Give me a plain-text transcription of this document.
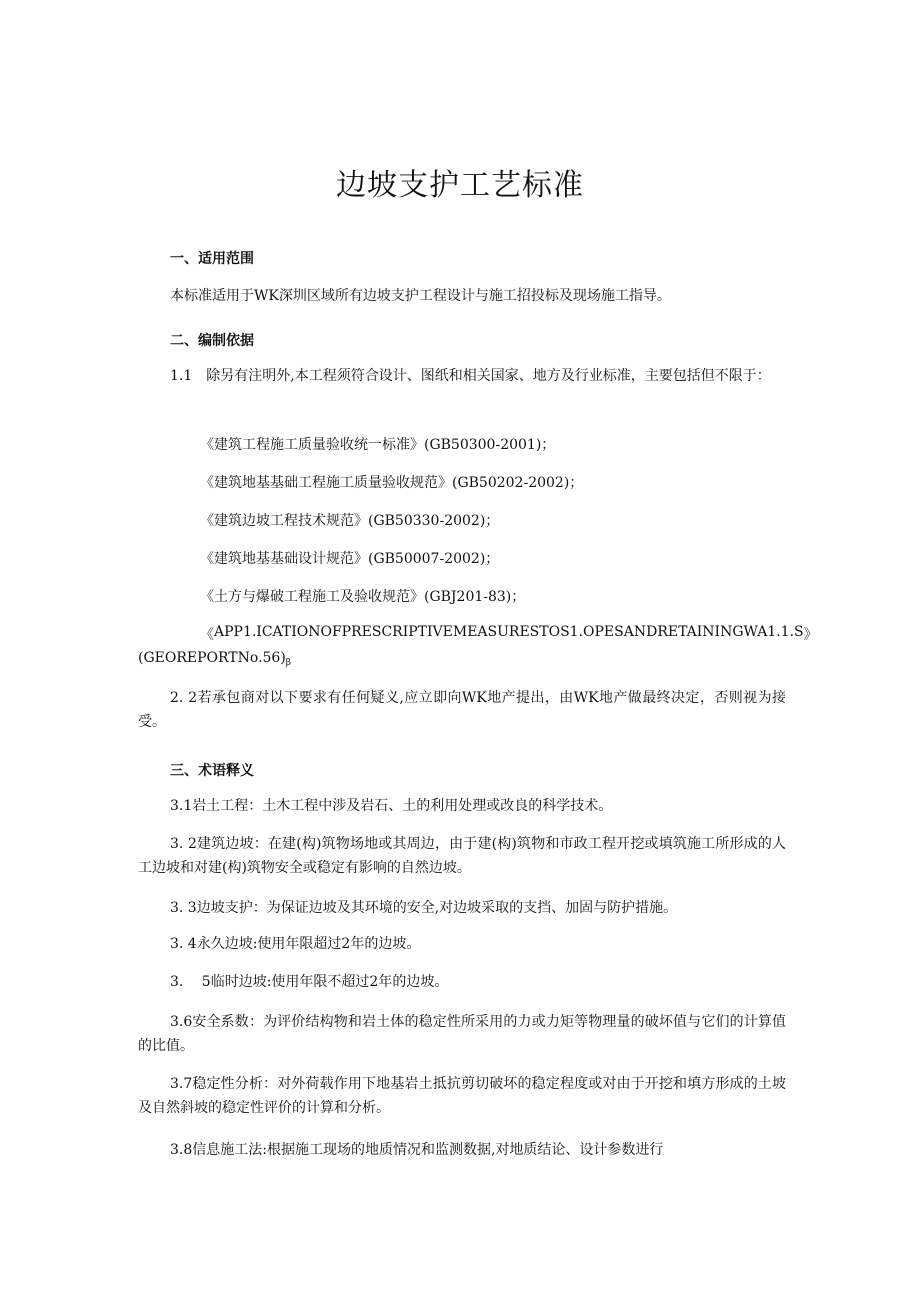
边坡支护工艺标准
一、适用范围
本标准适用于WK深圳区域所有边坡支护工程设计与施工招投标及现场施工指导。
二、编制依据
1.1　除另有注明外,本工程须符合设计、图纸和相关国家、地方及行业标准，主要包括但不限于：
《建筑工程施工质量验收统一标准》(GB50300-2001)；
《建筑地基基础工程施工质量验收规范》(GB50202-2002)；
《建筑边坡工程技术规范》(GB50330-2002)；
《建筑地基基础设计规范》(GB50007-2002)；
《土方与爆破工程施工及验收规范》(GBJ201-83)；
《 APP1.ICATIONOFPRESCRIPTIVEMEASURESTOS1.OPESANDRETAININGWA1.1.S 》
$(GEOREPORTNo.56)_\beta$
2. 2若承包商对以下要求有任何疑义,应立即向WK地产提出，由WK地产做最终决定，否则视为接受。
三、术语释义
3.1岩土工程：土木工程中涉及岩石、土的利用处理或改良的科学技术。
3. 2建筑边坡：在建(构)筑物场地或其周边，由于建(构)筑物和市政工程开挖或填筑施工所形成的人工边坡和对建(构)筑物安全或稳定有影响的自然边坡。
3. 3边坡支护：为保证边坡及其环境的安全,对边坡采取的支挡、加固与防护措施。
3. 4永久边坡:使用年限超过2年的边坡。
3.　 5临时边坡:使用年限不超过2年的边坡。
3.6安全系数：为评价结构物和岩土体的稳定性所采用的力或力矩等物理量的破坏值与它们的计算值的比值。
3.7稳定性分析：对外荷载作用下地基岩土抵抗剪切破坏的稳定程度或对由于开挖和填方形成的土坡及自然斜坡的稳定性评价的计算和分析。
3.8信息施工法:根据施工现场的地质情况和监测数据,对地质结论、设计参数进行
